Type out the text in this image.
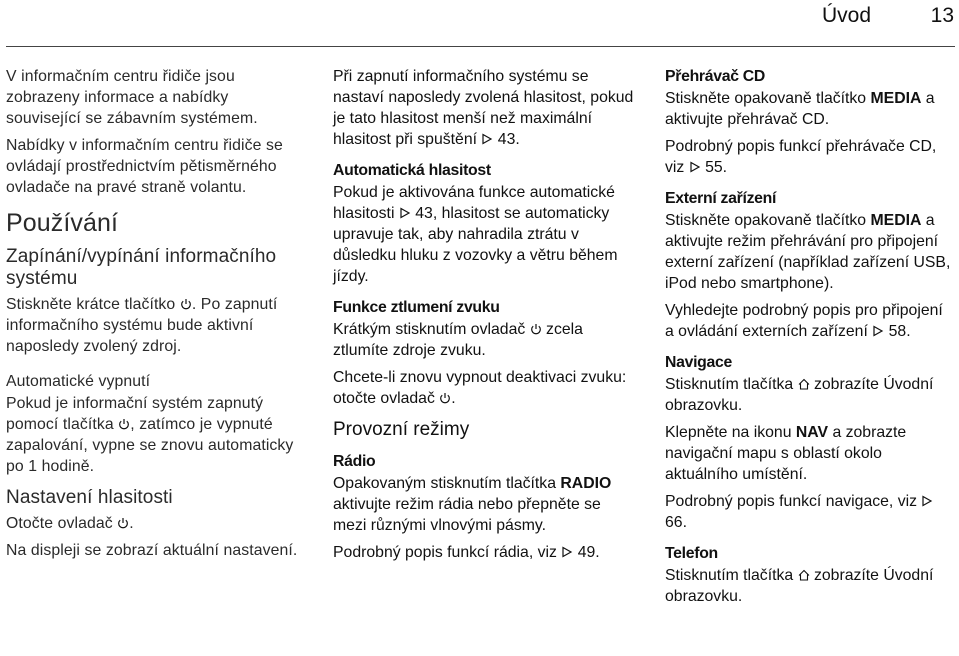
Úvod	13

V informačním centru řidiče jsou zobrazeny informace a nabídky související se zábavním systémem.

Nabídky v informačním centru řidiče se ovládají prostřednictvím pětisměrného ovladače na pravé straně volantu.

Používání
Zapínání/vypínání informačního systému

Stiskněte krátce tlačítko . Po zapnutí informačního systému bude aktivní naposledy zvolený zdroj.

Automatické vypnutí

Pokud je informační systém zapnutý pomocí tlačítka , zatímco je vypnuté zapalování, vypne se znovu automaticky po 1 hodině.

Nastavení hlasitosti

Otočte ovladač .

Na displeji se zobrazí aktuální nastavení.

Při zapnutí informačního systému se nastaví naposledy zvolená hlasitost, pokud je tato hlasitost menší než maximální hlasitost při spuštění 43.

Automatická hlasitost

Pokud je aktivována funkce automatické hlasitosti 43, hlasitost se automaticky upravuje tak, aby nahradila ztrátu v důsledku hluku z vozovky a větru během jízdy.

Funkce ztlumení zvuku

Krátkým stisknutím ovladač zcela ztlumíte zdroje zvuku.

Chcete-li znovu vypnout deaktivaci zvuku: otočte ovladač .

Provozní režimy
Rádio

Opakovaným stisknutím tlačítka RADIO aktivujte režim rádia nebo přepněte se mezi různými vlnovými pásmy.

Podrobný popis funkcí rádia, viz 49.

Přehrávač CD

Stiskněte opakovaně tlačítko MEDIA a aktivujte přehrávač CD.

Podrobný popis funkcí přehrávače CD, viz 55.

Externí zařízení

Stiskněte opakovaně tlačítko MEDIA a aktivujte režim přehrávání pro připojení externí zařízení (například zařízení USB, iPod nebo smartphone).

Vyhledejte podrobný popis pro připojení a ovládání externích zařízení 58.

Navigace

Stisknutím tlačítka zobrazíte Úvodní obrazovku.

Klepněte na ikonu NAV a zobrazte navigační mapu s oblastí okolo aktuálního umístění.

Podrobný popis funkcí navigace, viz  66.

Telefon

Stisknutím tlačítka zobrazíte Úvodní obrazovku.
